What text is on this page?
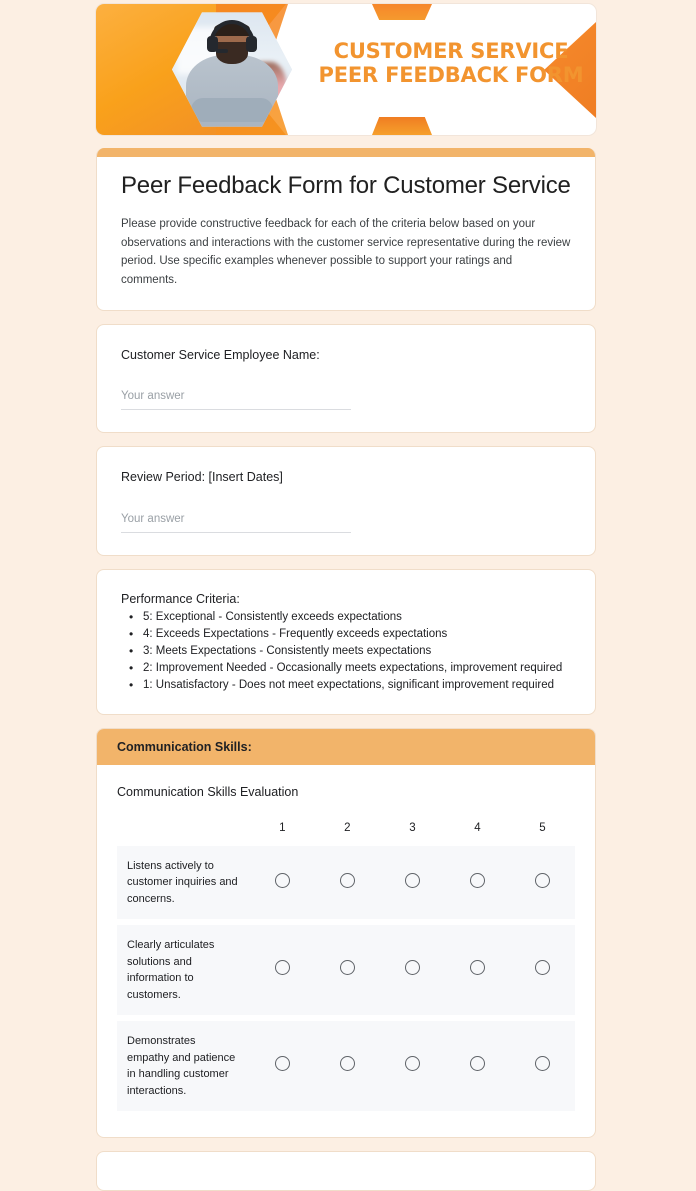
CUSTOMER SERVICE
PEER FEEDBACK FORM
Peer Feedback Form for Customer Service

Please provide constructive feedback for each of the criteria below based on your observations and interactions with the customer service representative during the review period. Use specific examples whenever possible to support your ratings and comments.

Customer Service Employee Name:
Your answer
Review Period: [Insert Dates]
Your answer
Performance Criteria:
• 5: Exceptional - Consistently exceeds expectations
• 4: Exceeds Expectations - Frequently exceeds expectations
• 3: Meets Expectations - Consistently meets expectations
• 2: Improvement Needed - Occasionally meets expectations, improvement required
• 1: Unsatisfactory - Does not meet expectations, significant improvement required
Communication Skills:
Communication Skills Evaluation
	1	2	3	4	5
Listens actively to customer inquiries and concerns.					

Clearly articulates solutions and information to customers.					

Demonstrates empathy and patience in handling customer interactions.					
